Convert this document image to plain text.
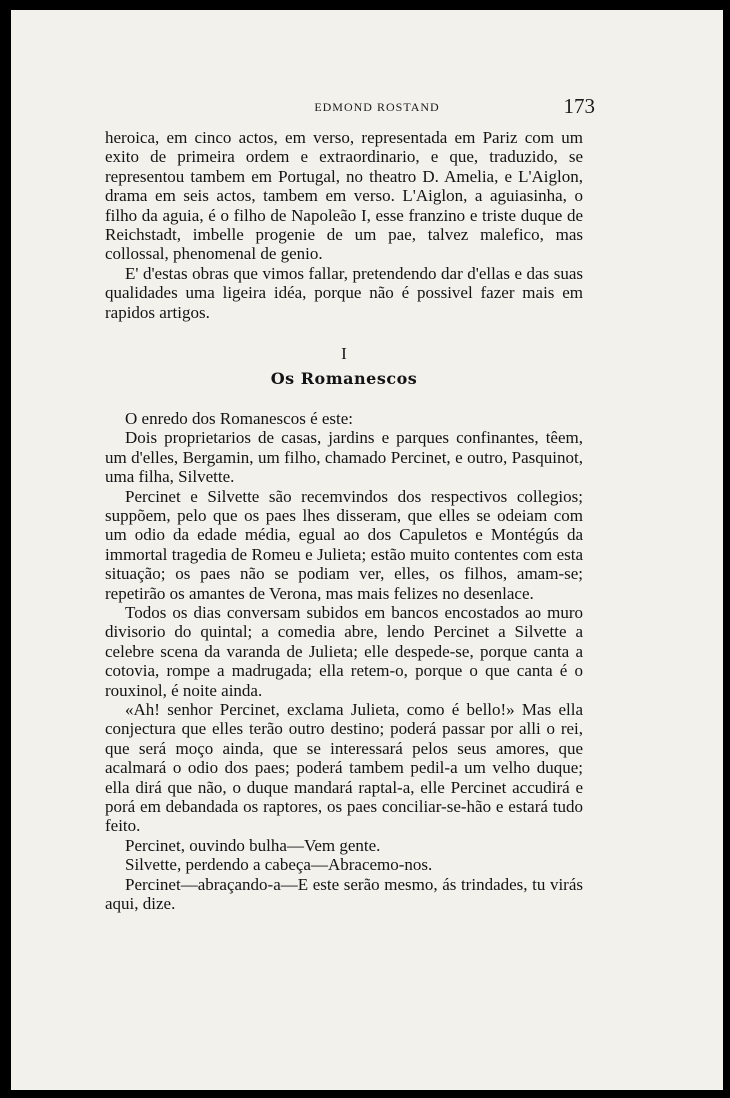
EDMOND ROSTAND	173

heroica, em cinco actos, em verso, representada em Pariz com um exito de primeira ordem e extraordinario, e que, traduzido, se representou tambem em Portugal, no theatro D. Amelia, e L'Aiglon, drama em seis actos, tambem em verso. L'Aiglon, a aguiasinha, o filho da aguia, é o filho de Napoleão I, esse franzino e triste duque de Reichstadt, imbelle progenie de um pae, talvez malefico, mas collossal, phenomenal de genio.

E' d'estas obras que vimos fallar, pretendendo dar d'ellas e das suas qualidades uma ligeira idéa, porque não é possivel fazer mais em rapidos artigos.

I
Os Romanescos

O enredo dos Romanescos é este:

Dois proprietarios de casas, jardins e parques confinantes, têem, um d'elles, Bergamin, um filho, chamado Percinet, e outro, Pasquinot, uma filha, Silvette.

Percinet e Silvette são recemvindos dos respectivos collegios; suppõem, pelo que os paes lhes disseram, que elles se odeiam com um odio da edade média, egual ao dos Capuletos e Montégús da immortal tragedia de Romeu e Julieta; estão muito contentes com esta situação; os paes não se podiam ver, elles, os filhos, amam-se; repetirão os amantes de Verona, mas mais felizes no desenlace.

Todos os dias conversam subidos em bancos encostados ao muro divisorio do quintal; a comedia abre, lendo Percinet a Silvette a celebre scena da varanda de Julieta; elle despede-se, porque canta a cotovia, rompe a madrugada; ella retem-o, porque o que canta é o rouxinol, é noite ainda.

«Ah! senhor Percinet, exclama Julieta, como é bello!» Mas ella conjectura que elles terão outro destino; poderá passar por alli o rei, que será moço ainda, que se interessará pelos seus amores, que acalmará o odio dos paes; poderá tambem pedil-a um velho duque; ella dirá que não, o duque mandará raptal-a, elle Percinet accudirá e porá em debandada os raptores, os paes conciliar-se-hão e estará tudo feito.

Percinet, ouvindo bulha—Vem gente.

Silvette, perdendo a cabeça—Abracemo-nos.

Percinet—abraçando-a—E este serão mesmo, ás trindades, tu virás aqui, dize.
